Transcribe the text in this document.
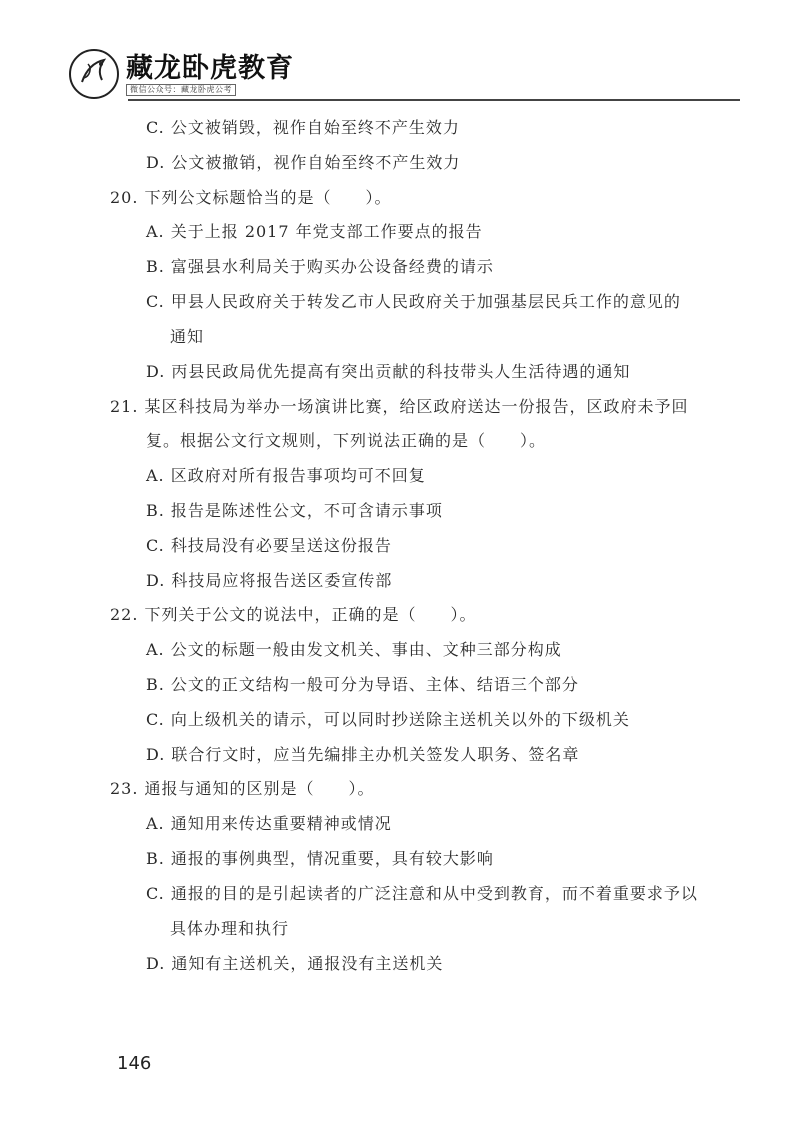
藏龙卧虎教育
微信公众号：藏龙卧虎公考
C. 公文被销毁，视作自始至终不产生效力
D. 公文被撤销，视作自始至终不产生效力
20. 下列公文标题恰当的是（　　）。
A. 关于上报 2017 年党支部工作要点的报告
B. 富强县水利局关于购买办公设备经费的请示
C. 甲县人民政府关于转发乙市人民政府关于加强基层民兵工作的意见的
通知
D. 丙县民政局优先提高有突出贡献的科技带头人生活待遇的通知
21. 某区科技局为举办一场演讲比赛，给区政府送达一份报告，区政府未予回
复。根据公文行文规则，下列说法正确的是（　　）。
A. 区政府对所有报告事项均可不回复
B. 报告是陈述性公文，不可含请示事项
C. 科技局没有必要呈送这份报告
D. 科技局应将报告送区委宣传部
22. 下列关于公文的说法中，正确的是（　　）。
A. 公文的标题一般由发文机关、事由、文种三部分构成
B. 公文的正文结构一般可分为导语、主体、结语三个部分
C. 向上级机关的请示，可以同时抄送除主送机关以外的下级机关
D. 联合行文时，应当先编排主办机关签发人职务、签名章
23. 通报与通知的区别是（　　）。
A. 通知用来传达重要精神或情况
B. 通报的事例典型，情况重要，具有较大影响
C. 通报的目的是引起读者的广泛注意和从中受到教育，而不着重要求予以
具体办理和执行
D. 通知有主送机关，通报没有主送机关
146
